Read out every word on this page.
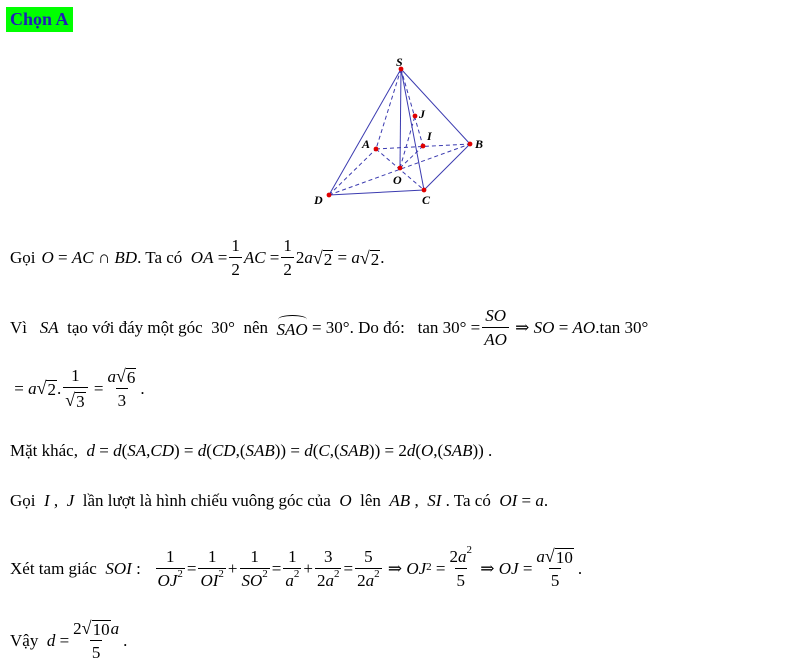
Chọn A
S
J
I
A	B
O
D	C
Gọi O = AC ∩ BD . Ta có
OA = $\frac{1}{2}$ AC = $\frac{1}{2} 2$ a √ 2 = a √ 2 .
Vì
SA
tạo với đáy một góc 30° nên
SAO = 30° . Do đó: $\tan 30^\circ = \frac{SO}{AO}$ ⇒ SO = AO .tan 30°
= a √ 2 . $\frac{1}{√ 3} = \frac{a √ 6}{3}$ .
Mặt khác,
d = d ( SA , CD ) = d ( CD ,( SAB )) = d ( C ,( SAB )) = 2 d ( O ,( SAB )) .
Gọi
I , J
lần lượt là hình chiếu vuông góc của
O
lên
AB , SI . Ta có OI = a .
Xét tam giác
SOI : $\frac{1}{OJ^2} = \frac{1}{OI^2} + \frac{1}{SO^2} = \frac{1}{a^2} + \frac{3}{2a^2} = \frac{5}{2a^2}$ ⇒ $OJ^2 = \frac{2a^2}{5}$ ⇒ OJ = $\frac{a √ 10}{5}$ .
Vậy
$d = \frac{2 √ 10 a}{5}$ .
